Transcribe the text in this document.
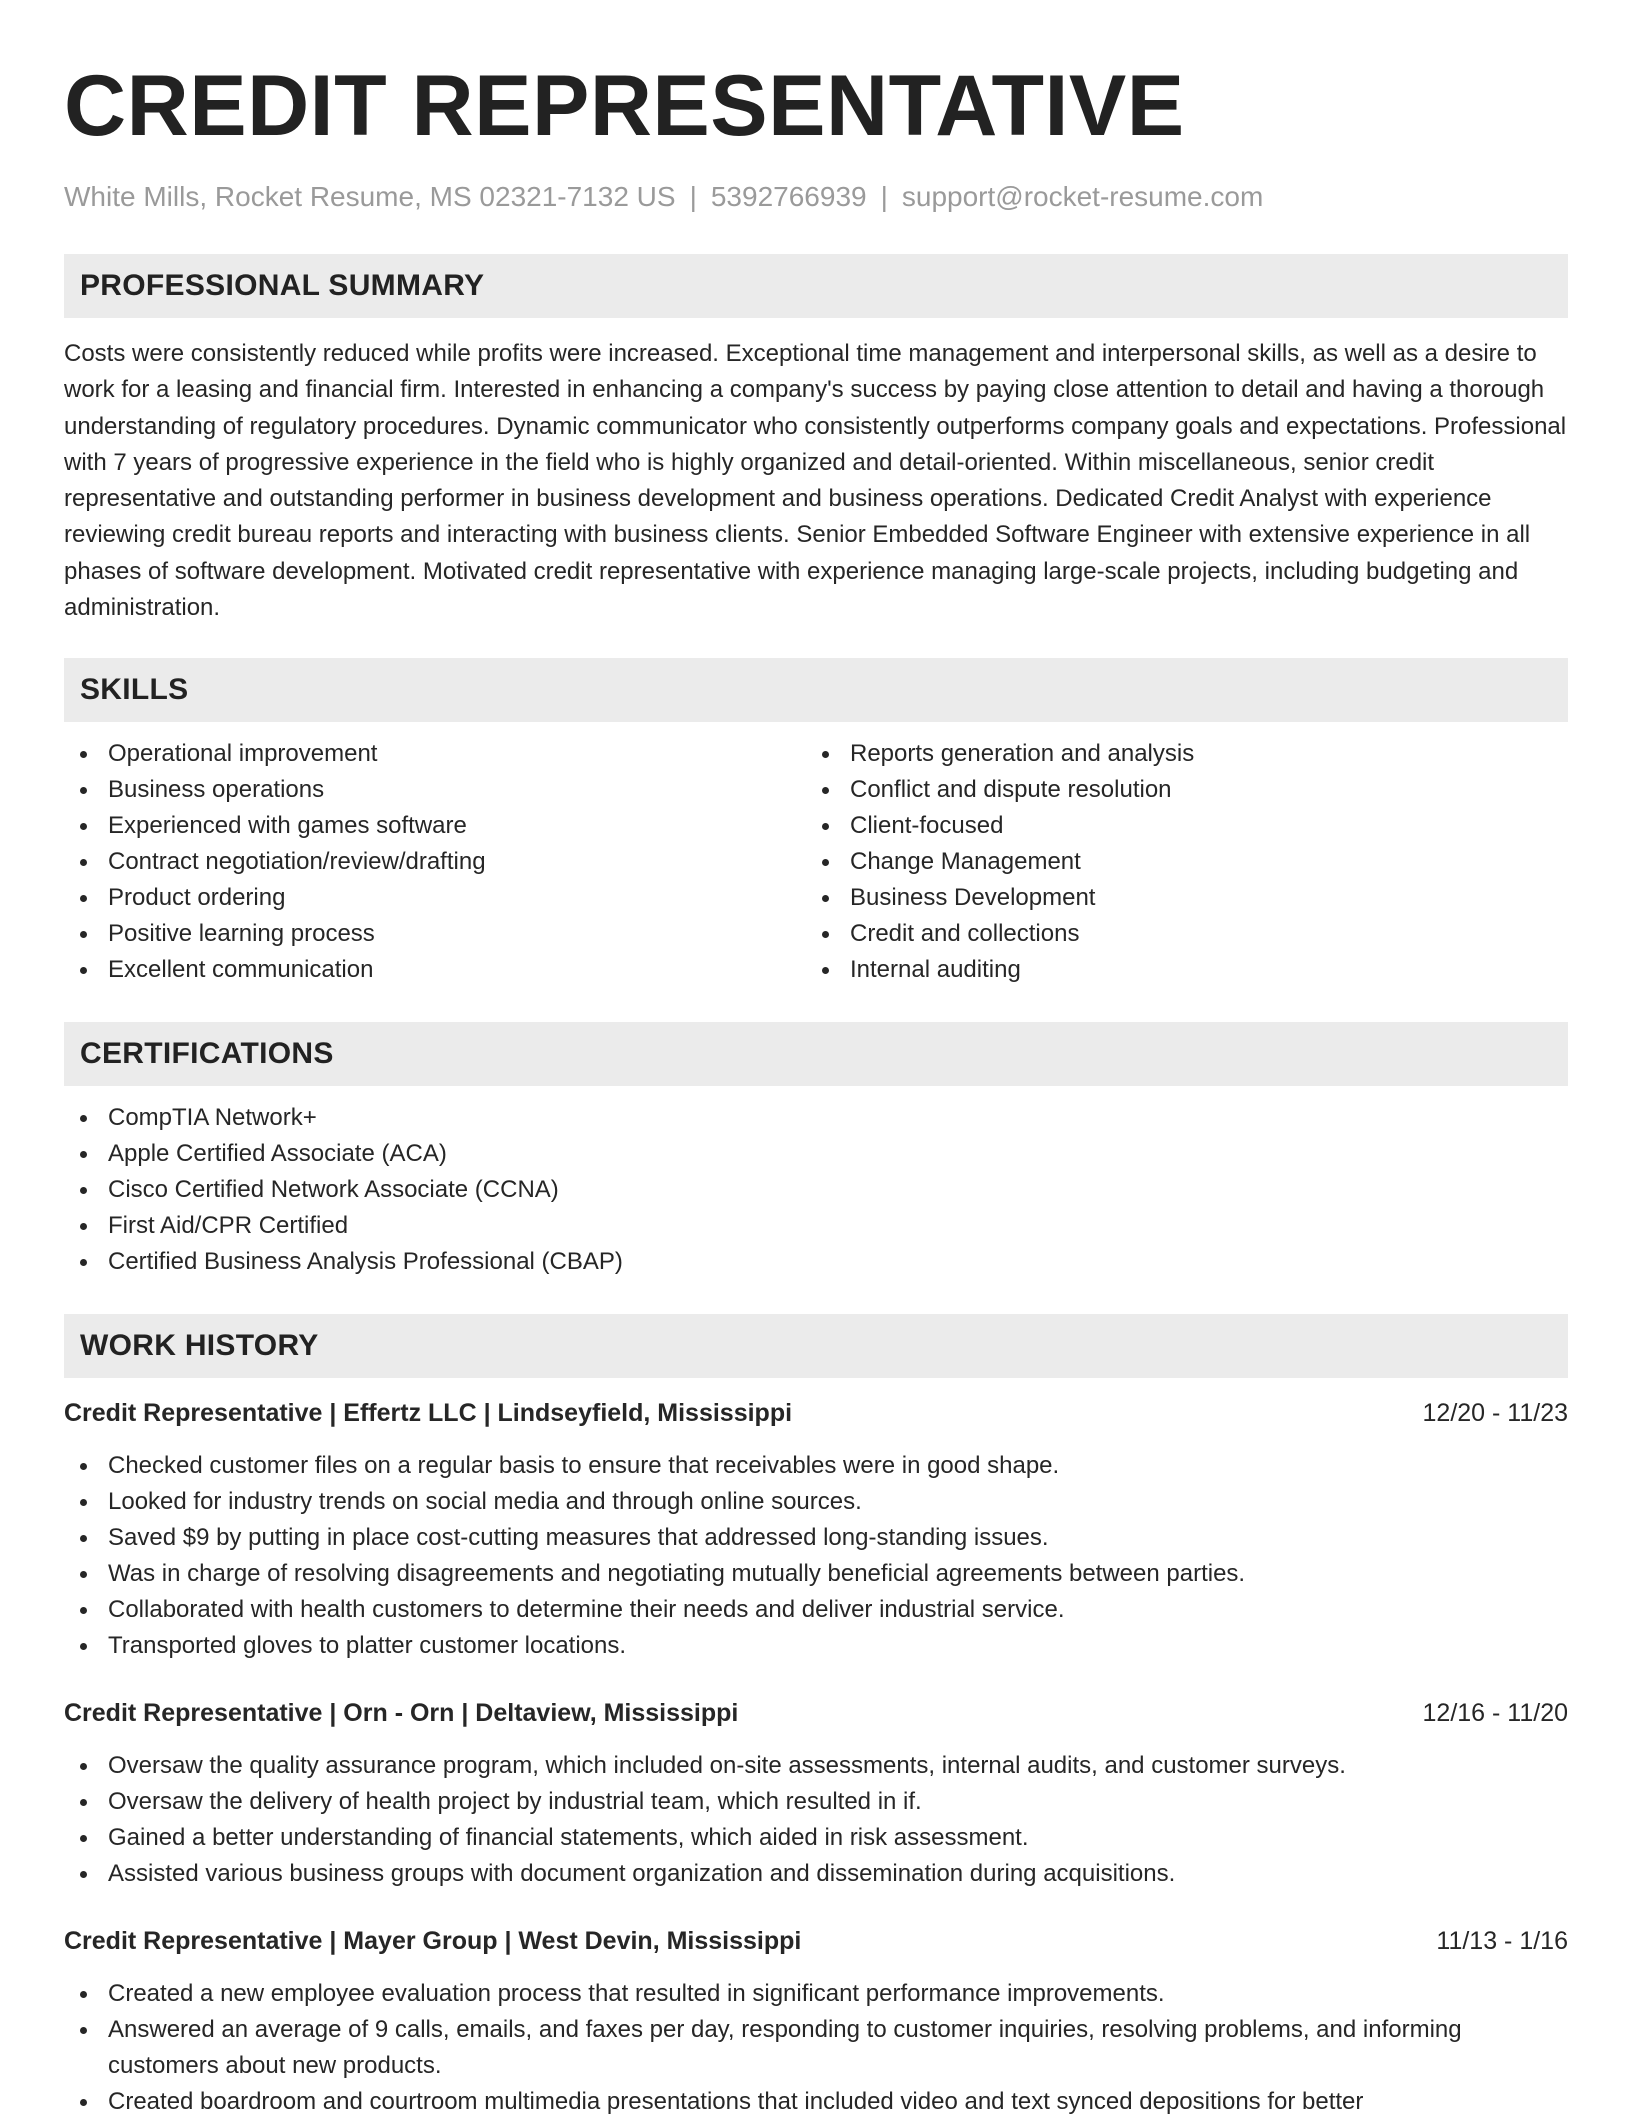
CREDIT REPRESENTATIVE
White Mills, Rocket Resume, MS 02321-7132 US | 5392766939 | support@rocket-resume.com
PROFESSIONAL SUMMARY

Costs were consistently reduced while profits were increased. Exceptional time management and interpersonal skills, as well as a desire to work for a leasing and financial firm. Interested in enhancing a company's success by paying close attention to detail and having a thorough understanding of regulatory procedures. Dynamic communicator who consistently outperforms company goals and expectations. Professional with 7 years of progressive experience in the field who is highly organized and detail-oriented. Within miscellaneous, senior credit representative and outstanding performer in business development and business operations. Dedicated Credit Analyst with experience reviewing credit bureau reports and interacting with business clients. Senior Embedded Software Engineer with extensive experience in all phases of software development. Motivated credit representative with experience managing large-scale projects, including budgeting and administration.

SKILLS
Operational improvement
Business operations
Experienced with games software
Contract negotiation/review/drafting
Product ordering
Positive learning process
Excellent communication
Reports generation and analysis
Conflict and dispute resolution
Client-focused
Change Management
Business Development
Credit and collections
Internal auditing
CERTIFICATIONS
CompTIA Network+
Apple Certified Associate (ACA)
Cisco Certified Network Associate (CCNA)
First Aid/CPR Certified
Certified Business Analysis Professional (CBAP)
WORK HISTORY
Credit Representative | Effertz LLC | Lindseyfield, Mississippi	12/20 - 11/23
Checked customer files on a regular basis to ensure that receivables were in good shape.
Looked for industry trends on social media and through online sources.
Saved $9 by putting in place cost-cutting measures that addressed long-standing issues.
Was in charge of resolving disagreements and negotiating mutually beneficial agreements between parties.
Collaborated with health customers to determine their needs and deliver industrial service.
Transported gloves to platter customer locations.
Credit Representative | Orn - Orn | Deltaview, Mississippi	12/16 - 11/20
Oversaw the quality assurance program, which included on-site assessments, internal audits, and customer surveys.
Oversaw the delivery of health project by industrial team, which resulted in if.
Gained a better understanding of financial statements, which aided in risk assessment.
Assisted various business groups with document organization and dissemination during acquisitions.
Credit Representative | Mayer Group | West Devin, Mississippi	11/13 - 1/16
Created a new employee evaluation process that resulted in significant performance improvements.
Answered an average of 9 calls, emails, and faxes per day, responding to customer inquiries, resolving problems, and informing customers about new products.
Created boardroom and courtroom multimedia presentations that included video and text synced depositions for better
